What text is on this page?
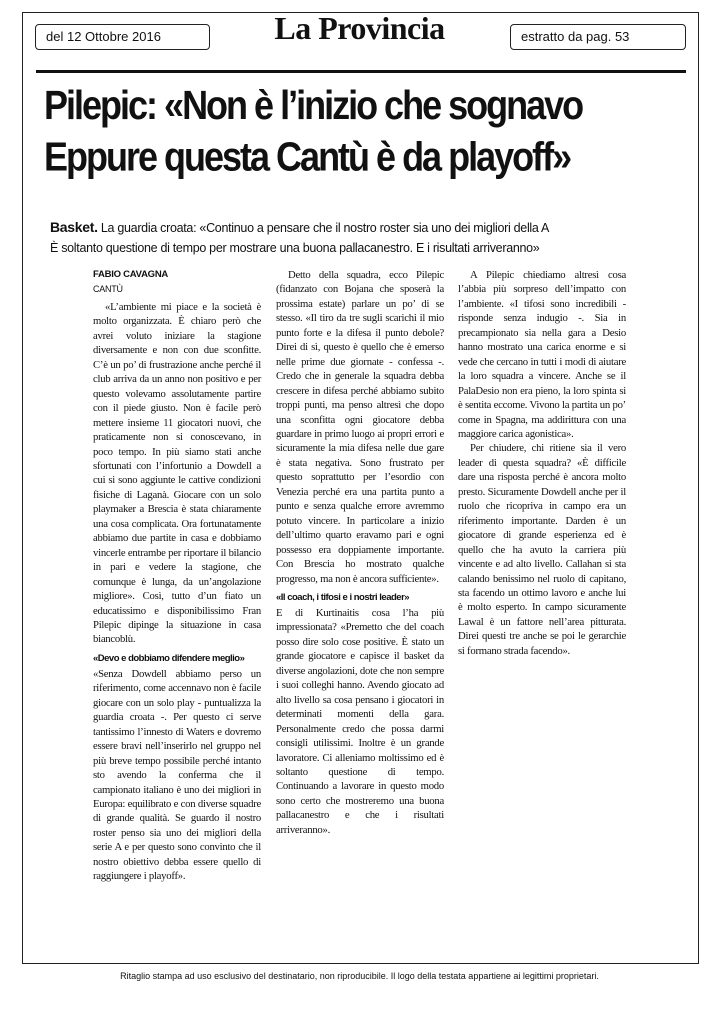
del 12 Ottobre 2016	La Provincia	estratto da pag. 53
Pilepic: «Non è l’inizio che sognavo
Eppure questa Cantù è da playoff»
Basket. La guardia croata: «Continuo a pensare che il nostro roster sia uno dei migliori della A
È soltanto questione di tempo per mostrare una buona pallacanestro. E i risultati arriveranno»

FABIO CAVAGNA

CANTÙ

«L’ambiente mi piace e la società è molto organizzata. È chiaro però che avrei voluto iniziare la stagione diversamente e non con due sconfitte. C’è un po’ di frustrazione anche perché il club arriva da un anno non positivo e per questo volevamo assolutamente partire con il piede giusto. Non è facile però mettere insieme 11 giocatori nuovi, che praticamente non si conoscevano, in poco tempo. In più siamo stati anche sfortunati con l’infortunio a Dowdell a cui si sono aggiunte le cattive condizioni fisiche di Laganà. Giocare con un solo playmaker a Brescia è stata chiaramente una cosa complicata. Ora fortunatamente abbiamo due partite in casa e dobbiamo vincerle entrambe per riportare il bilancio in pari e vedere la stagione, che comunque è lunga, da un’angolazione migliore». Così, tutto d’un fiato un educatissimo e disponibilissimo Fran Pilepic dipinge la situazione in casa biancoblù.

«Devo e dobbiamo difendere meglio»

«Senza Dowdell abbiamo perso un riferimento, come accennavo non è facile giocare con un solo play - puntualizza la guardia croata -. Per questo ci serve tantissimo l’innesto di Waters e dovremo essere bravi nell’inserirlo nel gruppo nel più breve tempo possibile perché intanto sto avendo la conferma che il campionato italiano è uno dei migliori in Europa: equilibrato e con diverse squadre di grande qualità. Se guardo il nostro roster penso sia uno dei migliori della serie A e per questo sono convinto che il nostro obiettivo debba essere quello di raggiungere i playoff».

Detto della squadra, ecco Pilepic (fidanzato con Bojana che sposerà la prossima estate) parlare un po’ di se stesso. «Il tiro da tre sugli scarichi il mio punto forte e la difesa il punto debole? Direi di sì, questo è quello che è emerso nelle prime due giornate - confessa -. Credo che in generale la squadra debba crescere in difesa perché abbiamo subito troppi punti, ma penso altresì che dopo una sconfitta ogni giocatore debba guardare in primo luogo ai propri errori e sicuramente la mia difesa nelle due gare è stata negativa. Sono frustrato per questo soprattutto per l’esordio con Venezia perché era una partita punto a punto e senza qualche errore avremmo potuto vincere. In particolare a inizio dell’ultimo quarto eravamo pari e ogni possesso era doppiamente importante. Con Brescia ho mostrato qualche progresso, ma non è ancora sufficiente».

«Il coach, i tifosi e i nostri leader»

E di Kurtinaitis cosa l’ha più impressionata? «Premetto che del coach posso dire solo cose positive. È stato un grande giocatore e capisce il basket da diverse angolazioni, dote che non sempre i suoi colleghi hanno. Avendo giocato ad alto livello sa cosa pensano i giocatori in determinati momenti della gara. Personalmente credo che possa darmi consigli utilissimi. Inoltre è un grande lavoratore. Ci alleniamo moltissimo ed è soltanto questione di tempo. Continuando a lavorare in questo modo sono certo che mostreremo una buona pallacanestro e che i risultati arriveranno».

A Pilepic chiediamo altresì cosa l’abbia più sorpreso dell’impatto con l’ambiente. «I tifosi sono incredibili - risponde senza indugio -. Sia in precampionato sia nella gara a Desio hanno mostrato una carica enorme e si vede che cercano in tutti i modi di aiutare la loro squadra a vincere. Anche se il PalaDesio non era pieno, la loro spinta si è sentita eccome. Vivono la partita un po’ come in Spagna, ma addirittura con una maggiore carica agonistica».

Per chiudere, chi ritiene sia il vero leader di questa squadra? «È difficile dare una risposta perché è ancora molto presto. Sicuramente Dowdell anche per il ruolo che ricopriva in campo era un riferimento importante. Darden è un giocatore di grande esperienza ed è quello che ha avuto la carriera più vincente e ad alto livello. Callahan si sta calando benissimo nel ruolo di capitano, sta facendo un ottimo lavoro e anche lui è molto esperto. In campo sicuramente Lawal è un fattore nell’area pitturata. Direi questi tre anche se poi le gerarchie si formano strada facendo».

Ritaglio stampa ad uso esclusivo del destinatario, non riproducibile. Il logo della testata appartiene ai legittimi proprietari.
